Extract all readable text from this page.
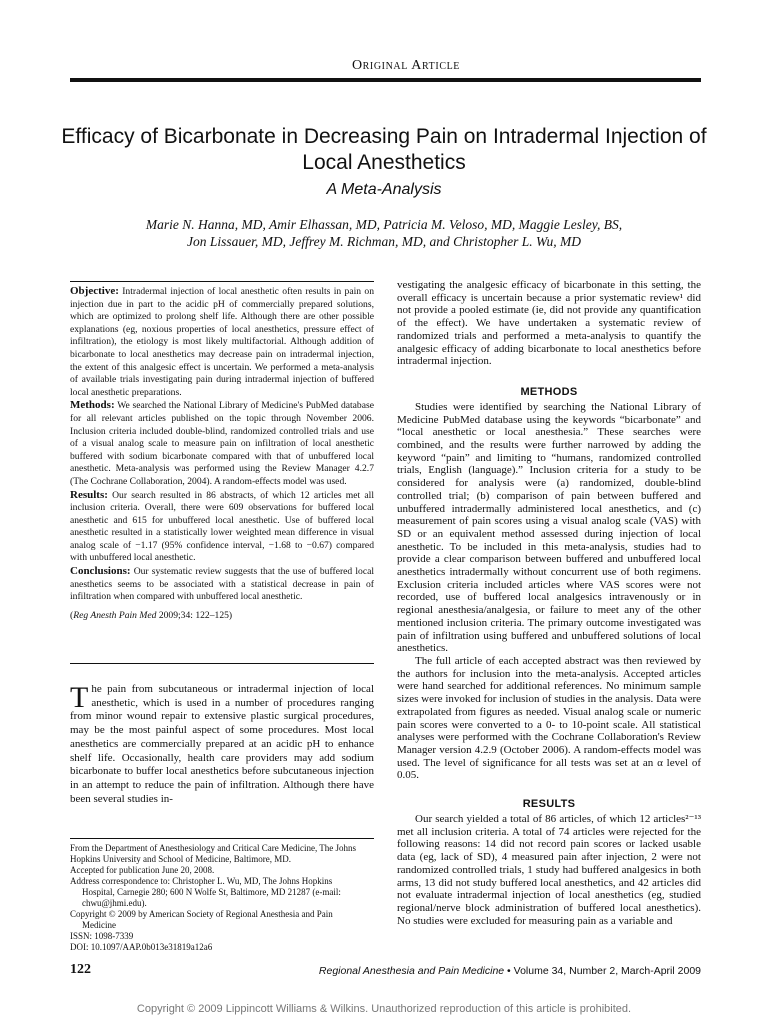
Original Article
Efficacy of Bicarbonate in Decreasing Pain on Intradermal Injection of Local Anesthetics
A Meta-Analysis
Marie N. Hanna, MD, Amir Elhassan, MD, Patricia M. Veloso, MD, Maggie Lesley, BS,
Jon Lissauer, MD, Jeffrey M. Richman, MD, and Christopher L. Wu, MD

Objective: Intradermal injection of local anesthetic often results in pain on injection due in part to the acidic pH of commercially prepared solutions, which are optimized to prolong shelf life. Although there are other possible explanations (eg, noxious properties of local anesthetics, pressure effect of infiltration), the etiology is most likely multifactorial. Although addition of bicarbonate to local anesthetics may decrease pain on intradermal injection, the extent of this analgesic effect is uncertain. We performed a meta-analysis of available trials investigating pain during intradermal injection of buffered local anesthetic preparations.

Methods: We searched the National Library of Medicine's PubMed database for all relevant articles published on the topic through November 2006. Inclusion criteria included double-blind, randomized controlled trials and use of a visual analog scale to measure pain on infiltration of local anesthetic buffered with sodium bicarbonate compared with that of unbuffered local anesthetic. Meta-analysis was performed using the Review Manager 4.2.7 (The Cochrane Collaboration, 2004). A random-effects model was used.

Results: Our search resulted in 86 abstracts, of which 12 articles met all inclusion criteria. Overall, there were 609 observations for buffered local anesthetic and 615 for unbuffered local anesthetic. Use of buffered local anesthetic resulted in a statistically lower weighted mean difference in visual analog scale of −1.17 (95% confidence interval, −1.68 to −0.67) compared with unbuffered local anesthetic.

Conclusions: Our systematic review suggests that the use of buffered local anesthetics seems to be associated with a statistical decrease in pain of infiltration when compared with unbuffered local anesthetic.

(Reg Anesth Pain Med 2009;34: 122–125)

The pain from subcutaneous or intradermal injection of local anesthetic, which is used in a number of procedures ranging from minor wound repair to extensive plastic surgical procedures, may be the most painful aspect of some procedures. Most local anesthetics are commercially prepared at an acidic pH to enhance shelf life. Occasionally, health care providers may add sodium bicarbonate to buffer local anesthetics before subcutaneous injection in an attempt to reduce the pain of infiltration. Although there have been several studies in-

From the Department of Anesthesiology and Critical Care Medicine, The Johns Hopkins University and School of Medicine, Baltimore, MD.
Accepted for publication June 20, 2008.
Address correspondence to: Christopher L. Wu, MD, The Johns Hopkins
Hospital, Carnegie 280; 600 N Wolfe St, Baltimore, MD 21287 (e-mail: chwu@jhmi.edu).
Copyright © 2009 by American Society of Regional Anesthesia and Pain
Medicine
ISSN: 1098-7339
DOI: 10.1097/AAP.0b013e31819a12a6

vestigating the analgesic efficacy of bicarbonate in this setting, the overall efficacy is uncertain because a prior systematic review¹ did not provide a pooled estimate (ie, did not provide any quantification of the effect). We have undertaken a systematic review of randomized trials and performed a meta-analysis to quantify the analgesic efficacy of adding bicarbonate to local anesthetics before intradermal injection.

METHODS

Studies were identified by searching the National Library of Medicine PubMed database using the keywords “bicarbonate” and “local anesthetic or local anesthesia.” These searches were combined, and the results were further narrowed by adding the keyword “pain” and limiting to “humans, randomized controlled trials, English (language).” Inclusion criteria for a study to be considered for analysis were (a) randomized, double-blind controlled trial; (b) comparison of pain between buffered and unbuffered intradermally administered local anesthetics, and (c) measurement of pain scores using a visual analog scale (VAS) with SD or an equivalent method assessed during injection of local anesthetic. To be included in this meta-analysis, studies had to provide a clear comparison between buffered and unbuffered local anesthetics intradermally without concurrent use of both regimens. Exclusion criteria included articles where VAS scores were not recorded, use of buffered local analgesics intravenously or in regional anesthesia/analgesia, or failure to meet any of the other mentioned inclusion criteria. The primary outcome investigated was pain of infiltration using buffered and unbuffered solutions of local anesthetics.

The full article of each accepted abstract was then reviewed by the authors for inclusion into the meta-analysis. Accepted articles were hand searched for additional references. No minimum sample sizes were invoked for inclusion of studies in the analysis. Data were extrapolated from figures as needed. Visual analog scale or numeric pain scores were converted to a 0- to 10-point scale. All statistical analyses were performed with the Cochrane Collaboration's Review Manager version 4.2.9 (October 2006). A random-effects model was used. The level of significance for all tests was set at an α level of 0.05.

RESULTS

Our search yielded a total of 86 articles, of which 12 articles²⁻¹³ met all inclusion criteria. A total of 74 articles were rejected for the following reasons: 14 did not record pain scores or lacked usable data (eg, lack of SD), 4 measured pain after injection, 2 were not randomized controlled trials, 1 study had buffered analgesics in both arms, 13 did not study buffered local anesthetics, and 42 articles did not evaluate intradermal injection of local anesthetics (eg, studied regional/nerve block administration of buffered local anesthetics). No studies were excluded for measuring pain as a variable and

122	Regional Anesthesia and Pain Medicine • Volume 34, Number 2, March-April 2009
Copyright © 2009 Lippincott Williams & Wilkins. Unauthorized reproduction of this article is prohibited.
